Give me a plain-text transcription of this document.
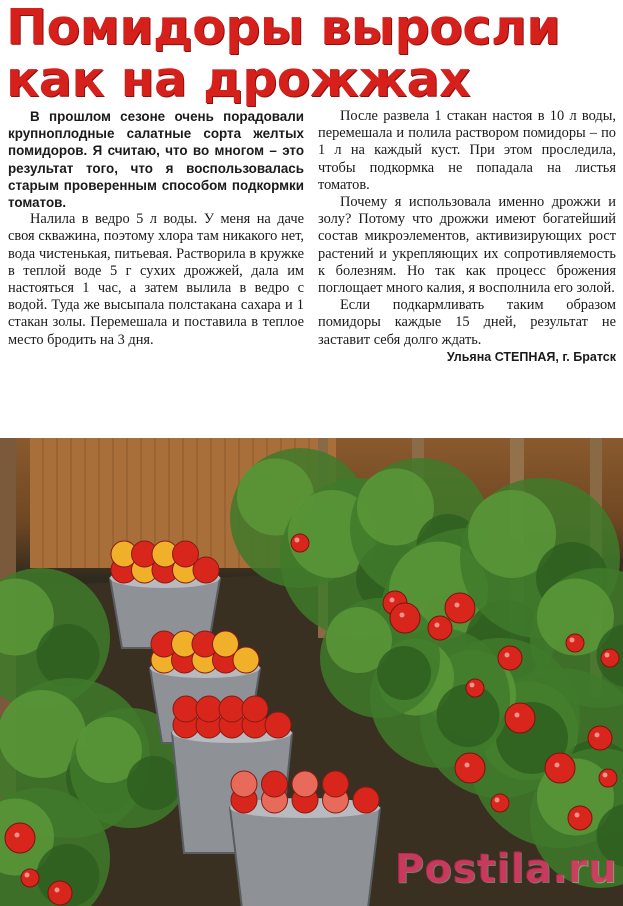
Помидоры выросли
как на дрожжах

В прошлом сезоне очень порадовали крупноплодные салатные сорта желтых помидоров. Я считаю, что во многом – это результат того, что я воспользовалась старым проверенным способом подкормки томатов.

Налила в ведро 5 л воды. У меня на даче своя скважина, поэтому хлора там никакого нет, вода чистенькая, питьевая. Растворила в кружке в теплой воде 5 г сухих дрожжей, дала им настояться 1 час, а затем вылила в ведро с водой. Туда же высыпала полстакана сахара и 1 стакан золы. Перемешала и поставила в теплое место бродить на 3 дня.

После развела 1 стакан настоя в 10 л воды, перемешала и полила раствором помидоры – по 1 л на каждый куст. При этом проследила, чтобы подкормка не попадала на листья томатов.

Почему я использовала именно дрожжи и золу? Потому что дрожжи имеют богатейший состав микроэлементов, активизирующих рост растений и укрепляющих их сопротивляемость к болезням. Но так как процесс брожения поглощает много калия, я восполнила его золой.

Если подкармливать таким образом помидоры каждые 15 дней, результат не заставит себя долго ждать.

Ульяна СТЕПНАЯ, г. Братск

Postila.ru
